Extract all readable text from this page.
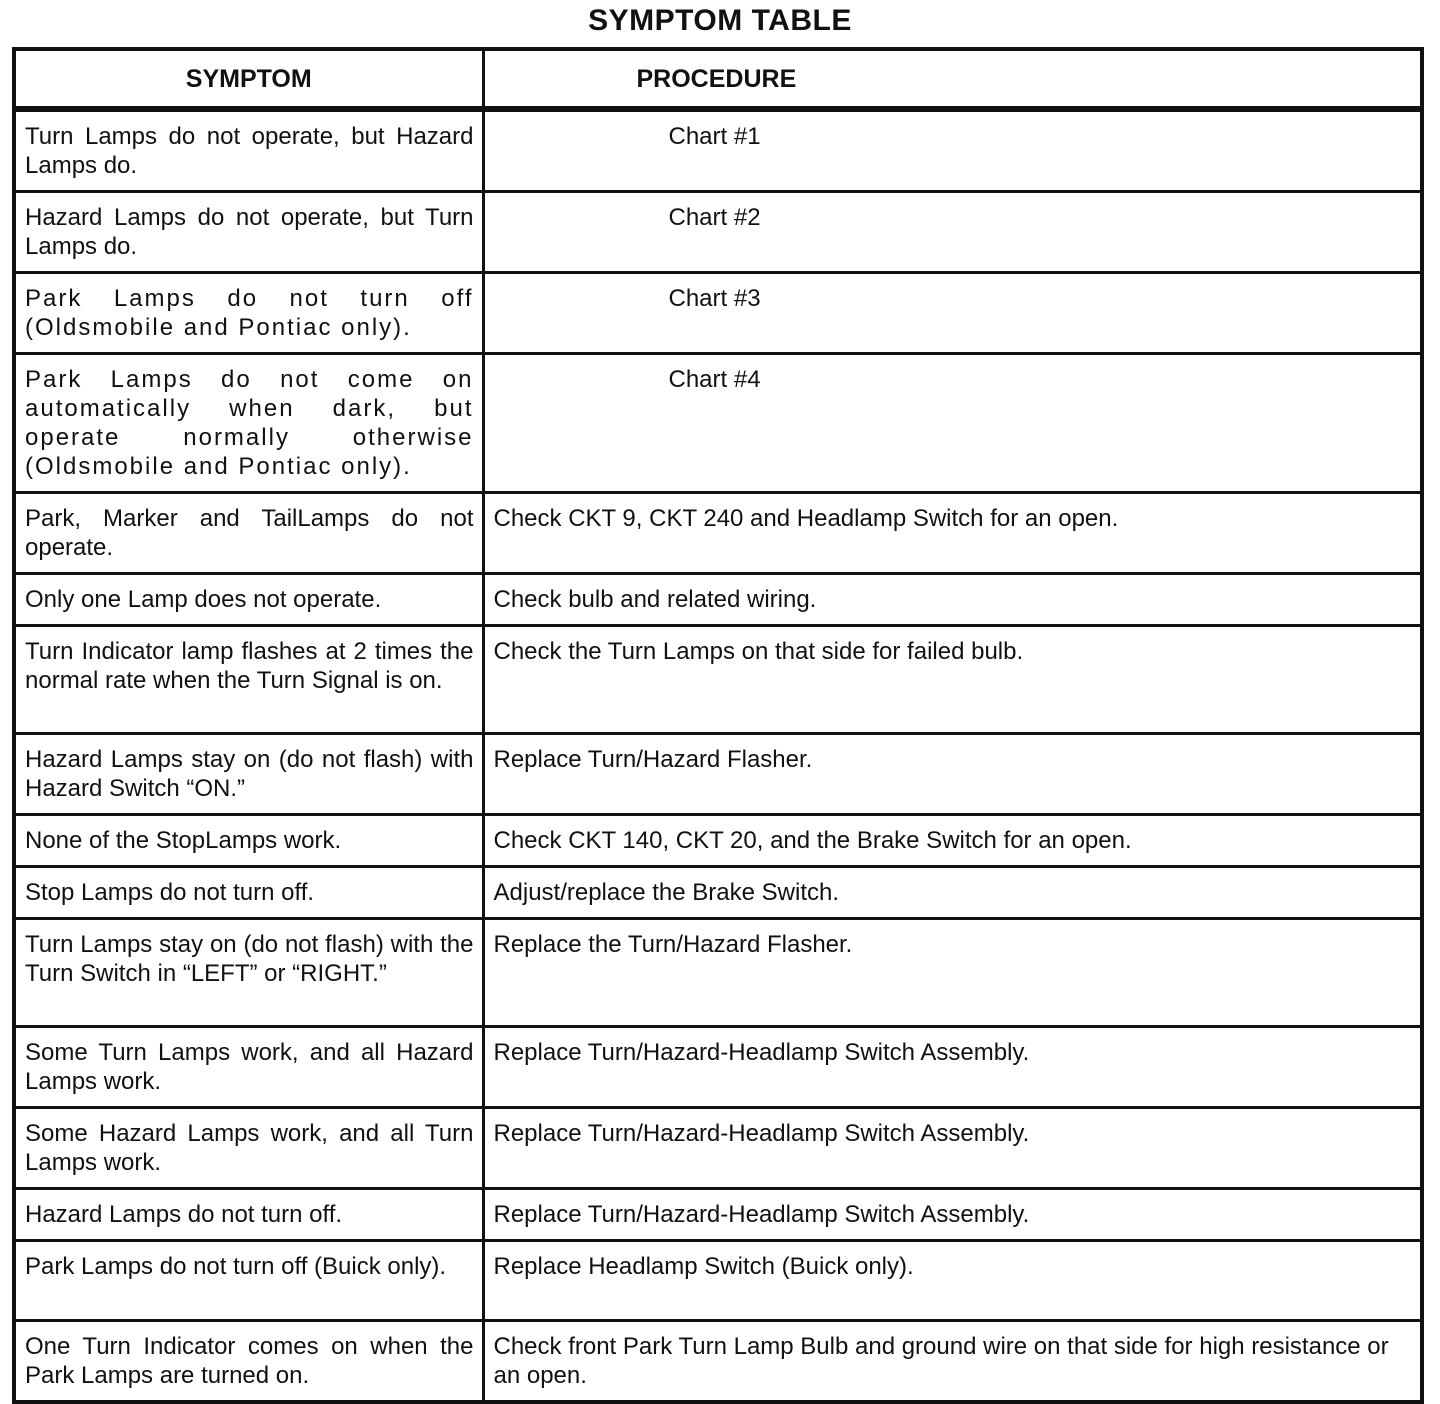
SYMPTOM TABLE
SYMPTOM	PROCEDURE
Turn Lamps do not operate, but Hazard Lamps do.	Chart #1
Hazard Lamps do not operate, but Turn Lamps do.	Chart #2
Park Lamps do not turn off (Oldsmobile and Pontiac only).	Chart #3
Park Lamps do not come on automatically when dark, but operate normally otherwise (Oldsmobile and Pontiac only).	Chart #4
Park, Marker and TailLamps do not operate.	Check CKT 9, CKT 240 and Headlamp Switch for an open.
Only one Lamp does not operate.	Check bulb and related wiring.
Turn Indicator lamp flashes at 2 times the normal rate when the Turn Signal is on.	Check the Turn Lamps on that side for failed bulb.
Hazard Lamps stay on (do not flash) with Hazard Switch “ON.”	Replace Turn/Hazard Flasher.
None of the StopLamps work.	Check CKT 140, CKT 20, and the Brake Switch for an open.
Stop Lamps do not turn off.	Adjust/replace the Brake Switch.
Turn Lamps stay on (do not flash) with the Turn Switch in “LEFT” or “RIGHT.”	Replace the Turn/Hazard Flasher.
Some Turn Lamps work, and all Hazard Lamps work.	Replace Turn/Hazard-Headlamp Switch Assembly.
Some Hazard Lamps work, and all Turn Lamps work.	Replace Turn/Hazard-Headlamp Switch Assembly.
Hazard Lamps do not turn off.	Replace Turn/Hazard-Headlamp Switch Assembly.
Park Lamps do not turn off (Buick only).	Replace Headlamp Switch (Buick only).
One Turn Indicator comes on when the Park Lamps are turned on.	Check front Park Turn Lamp Bulb and ground wire on that side for high resistance or an open.
